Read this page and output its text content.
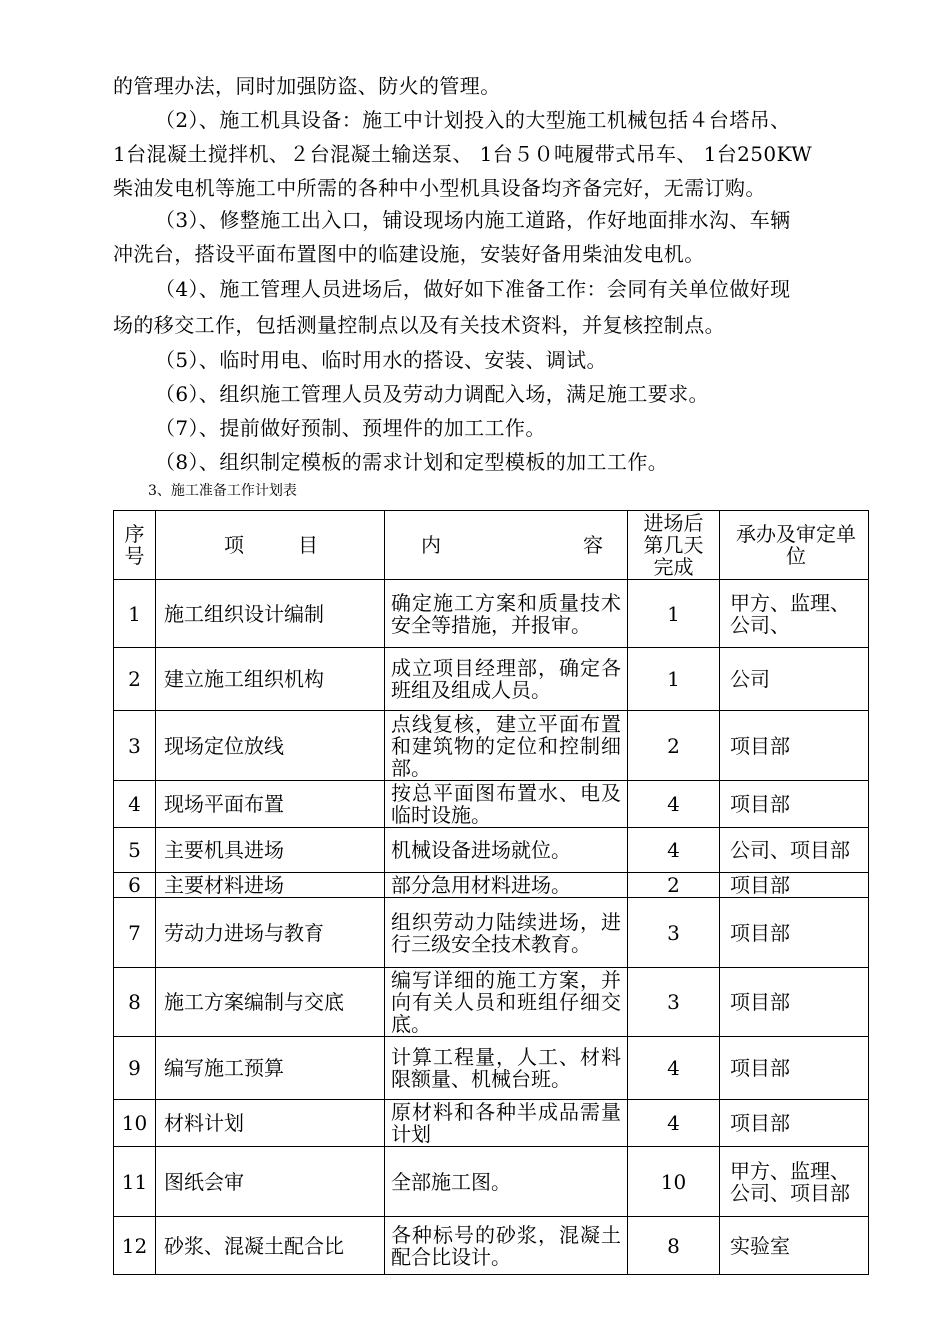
的管理办法，同时加强防盗、防火的管理。
（2）、施工机具设备：施工中计划投入的大型施工机械包括４台塔吊、
1台混凝土搅拌机、２台混凝土输送泵、 1台５０吨履带式吊车、 1台250KW
柴油发电机等施工中所需的各种中小型机具设备均齐备完好，无需订购。
（3）、修整施工出入口，铺设现场内施工道路，作好地面排水沟、车辆
冲洗台，搭设平面布置图中的临建设施，安装好备用柴油发电机。
（4）、施工管理人员进场后，做好如下准备工作：会同有关单位做好现
场的移交工作，包括测量控制点以及有关技术资料，并复核控制点。
（5）、临时用电、临时用水的搭设、安装、调试。
（6）、组织施工管理人员及劳动力调配入场，满足施工要求。
（7）、提前做好预制、预埋件的加工工作。
（8）、组织制定模板的需求计划和定型模板的加工工作。
3、施工准备工作计划表
序号	项 目	内 容	进场后第几天完成	承办及审定单位
1	施工组织设计编制	确定施工方案和质量技术安全等措施，并报审。	1	甲方、监理、公司、
2	建立施工组织机构	成立项目经理部，确定各班组及组成人员。	1	公司
3	现场定位放线	点线复核，建立平面布置和建筑物的定位和控制细部。	2	项目部
4	现场平面布置	按总平面图布置水、电及临时设施。	4	项目部
5	主要机具进场	机械设备进场就位。	4	公司、项目部
6	主要材料进场	部分急用材料进场。	2	项目部
7	劳动力进场与教育	组织劳动力陆续进场，进行三级安全技术教育。	3	项目部
8	施工方案编制与交底	编写详细的施工方案，并向有关人员和班组仔细交底。	3	项目部
9	编写施工预算	计算工程量，人工、材料限额量、机械台班。	4	项目部
10	材料计划	原材料和各种半成品需量计划	4	项目部
11	图纸会审	全部施工图。	10	甲方、监理、公司、项目部
12	砂浆、混凝土配合比	各种标号的砂浆，混凝土配合比设计。	8	实验室
